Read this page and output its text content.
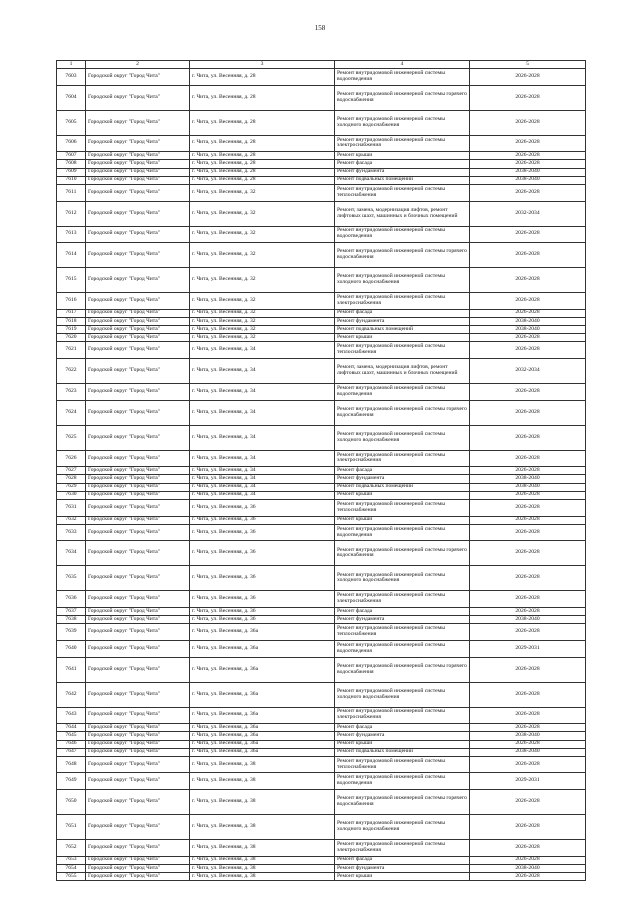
158
1	2	3	4	5
7603	Городской округ "Город Чита"	г. Чита, ул. Весенняя, д. 28	Ремонт внутридомовой инженерной системы водоотведения	2026-2028
7604	Городской округ "Город Чита"	г. Чита, ул. Весенняя, д. 28	Ремонт внутридомовой инженерной системы горячего водоснабжения	2026-2028
7605	Городской округ "Город Чита"	г. Чита, ул. Весенняя, д. 28	Ремонт внутридомовой инженерной системы холодного водоснабжения	2026-2028
7606	Городской округ "Город Чита"	г. Чита, ул. Весенняя, д. 28	Ремонт внутридомовой инженерной системы электроснабжения	2026-2028
7607	Городской округ "Город Чита"	г. Чита, ул. Весенняя, д. 28	Ремонт крыши	2026-2028
7608	Городской округ "Город Чита"	г. Чита, ул. Весенняя, д. 28	Ремонт фасада	2026-2028
7609	Городской округ "Город Чита"	г. Чита, ул. Весенняя, д. 28	Ремонт фундамента	2038-2040
7610	Городской округ "Город Чита"	г. Чита, ул. Весенняя, д. 28	Ремонт подвальных помещений	2038-2040
7611	Городской округ "Город Чита"	г. Чита, ул. Весенняя, д. 32	Ремонт внутридомовой инженерной системы теплоснабжения	2026-2028
7612	Городской округ "Город Чита"	г. Чита, ул. Весенняя, д. 32	Ремонт, замена, модернизация лифтов, ремонт лифтовых шахт, машинных и блочных помещений	2032-2034
7613	Городской округ "Город Чита"	г. Чита, ул. Весенняя, д. 32	Ремонт внутридомовой инженерной системы водоотведения	2026-2028
7614	Городской округ "Город Чита"	г. Чита, ул. Весенняя, д. 32	Ремонт внутридомовой инженерной системы горячего водоснабжения	2026-2028
7615	Городской округ "Город Чита"	г. Чита, ул. Весенняя, д. 32	Ремонт внутридомовой инженерной системы холодного водоснабжения	2026-2028
7616	Городской округ "Город Чита"	г. Чита, ул. Весенняя, д. 32	Ремонт внутридомовой инженерной системы электроснабжения	2026-2028
7617	Городской округ "Город Чита"	г. Чита, ул. Весенняя, д. 32	Ремонт фасада	2026-2028
7618	Городской округ "Город Чита"	г. Чита, ул. Весенняя, д. 32	Ремонт фундамента	2038-2040
7619	Городской округ "Город Чита"	г. Чита, ул. Весенняя, д. 32	Ремонт подвальных помещений	2038-2040
7620	Городской округ "Город Чита"	г. Чита, ул. Весенняя, д. 32	Ремонт крыши	2026-2028
7621	Городской округ "Город Чита"	г. Чита, ул. Весенняя, д. 34	Ремонт внутридомовой инженерной системы теплоснабжения	2026-2028
7622	Городской округ "Город Чита"	г. Чита, ул. Весенняя, д. 34	Ремонт, замена, модернизация лифтов, ремонт лифтовых шахт, машинных и блочных помещений	2032-2034
7623	Городской округ "Город Чита"	г. Чита, ул. Весенняя, д. 34	Ремонт внутридомовой инженерной системы водоотведения	2026-2028
7624	Городской округ "Город Чита"	г. Чита, ул. Весенняя, д. 34	Ремонт внутридомовой инженерной системы горячего водоснабжения	2026-2028
7625	Городской округ "Город Чита"	г. Чита, ул. Весенняя, д. 34	Ремонт внутридомовой инженерной системы холодного водоснабжения	2026-2028
7626	Городской округ "Город Чита"	г. Чита, ул. Весенняя, д. 34	Ремонт внутридомовой инженерной системы электроснабжения	2026-2028
7627	Городской округ "Город Чита"	г. Чита, ул. Весенняя, д. 34	Ремонт фасада	2026-2028
7628	Городской округ "Город Чита"	г. Чита, ул. Весенняя, д. 34	Ремонт фундамента	2038-2040
7629	Городской округ "Город Чита"	г. Чита, ул. Весенняя, д. 34	Ремонт подвальных помещений	2038-2040
7630	Городской округ "Город Чита"	г. Чита, ул. Весенняя, д. 34	Ремонт крыши	2026-2028
7631	Городской округ "Город Чита"	г. Чита, ул. Весенняя, д. 36	Ремонт внутридомовой инженерной системы теплоснабжения	2026-2028
7632	Городской округ "Город Чита"	г. Чита, ул. Весенняя, д. 36	Ремонт крыши	2026-2028
7633	Городской округ "Город Чита"	г. Чита, ул. Весенняя, д. 36	Ремонт внутридомовой инженерной системы водоотведения	2026-2028
7634	Городской округ "Город Чита"	г. Чита, ул. Весенняя, д. 36	Ремонт внутридомовой инженерной системы горячего водоснабжения	2026-2028
7635	Городской округ "Город Чита"	г. Чита, ул. Весенняя, д. 36	Ремонт внутридомовой инженерной системы холодного водоснабжения	2026-2028
7636	Городской округ "Город Чита"	г. Чита, ул. Весенняя, д. 36	Ремонт внутридомовой инженерной системы электроснабжения	2026-2028
7637	Городской округ "Город Чита"	г. Чита, ул. Весенняя, д. 36	Ремонт фасада	2026-2028
7638	Городской округ "Город Чита"	г. Чита, ул. Весенняя, д. 36	Ремонт фундамента	2038-2040
7639	Городской округ "Город Чита"	г. Чита, ул. Весенняя, д. 36а	Ремонт внутридомовой инженерной системы теплоснабжения	2026-2028
7640	Городской округ "Город Чита"	г. Чита, ул. Весенняя, д. 36а	Ремонт внутридомовой инженерной системы водоотведения	2029-2031
7641	Городской округ "Город Чита"	г. Чита, ул. Весенняя, д. 36а	Ремонт внутридомовой инженерной системы горячего водоснабжения	2026-2028
7642	Городской округ "Город Чита"	г. Чита, ул. Весенняя, д. 36а	Ремонт внутридомовой инженерной системы холодного водоснабжения	2026-2028
7643	Городской округ "Город Чита"	г. Чита, ул. Весенняя, д. 36а	Ремонт внутридомовой инженерной системы электроснабжения	2026-2028
7644	Городской округ "Город Чита"	г. Чита, ул. Весенняя, д. 36а	Ремонт фасада	2026-2028
7645	Городской округ "Город Чита"	г. Чита, ул. Весенняя, д. 36а	Ремонт фундамента	2038-2040
7646	Городской округ "Город Чита"	г. Чита, ул. Весенняя, д. 36а	Ремонт крыши	2026-2028
7647	Городской округ "Город Чита"	г. Чита, ул. Весенняя, д. 36а	Ремонт подвальных помещений	2038-2040
7648	Городской округ "Город Чита"	г. Чита, ул. Весенняя, д. 38	Ремонт внутридомовой инженерной системы теплоснабжения	2026-2028
7649	Городской округ "Город Чита"	г. Чита, ул. Весенняя, д. 38	Ремонт внутридомовой инженерной системы водоотведения	2029-2031
7650	Городской округ "Город Чита"	г. Чита, ул. Весенняя, д. 38	Ремонт внутридомовой инженерной системы горячего водоснабжения	2026-2028
7651	Городской округ "Город Чита"	г. Чита, ул. Весенняя, д. 38	Ремонт внутридомовой инженерной системы холодного водоснабжения	2026-2028
7652	Городской округ "Город Чита"	г. Чита, ул. Весенняя, д. 38	Ремонт внутридомовой инженерной системы электроснабжения	2026-2028
7653	Городской округ "Город Чита"	г. Чита, ул. Весенняя, д. 38	Ремонт фасада	2026-2028
7654	Городской округ "Город Чита"	г. Чита, ул. Весенняя, д. 38	Ремонт фундамента	2038-2040
7655	Городской округ "Город Чита"	г. Чита, ул. Весенняя, д. 38	Ремонт крыши	2026-2028
